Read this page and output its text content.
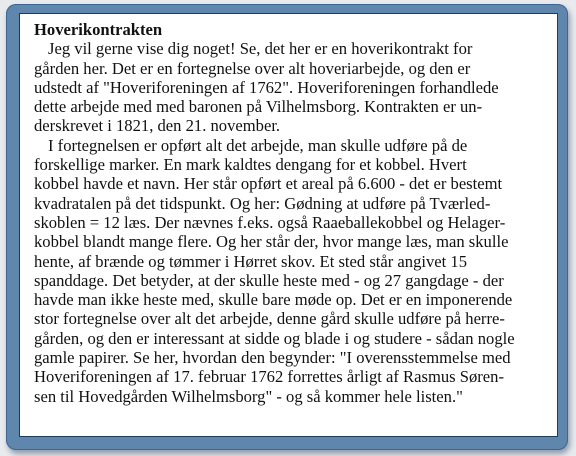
Hoverikontrakten
Jeg vil gerne vise dig noget! Se, det her er en hoverikontrakt for
gården her. Det er en fortegnelse over alt hoveriarbejde, og den er
udstedt af "Hoveriforeningen af 1762". Hoveriforeningen forhandlede
dette arbejde med med baronen på Vilhelmsborg. Kontrakten er un-
derskrevet i 1821, den 21. november.
I fortegnelsen er opført alt det arbejde, man skulle udføre på de
forskellige marker. En mark kaldtes dengang for et kobbel. Hvert
kobbel havde et navn. Her står opført et areal på 6.600 - det er bestemt
kvadratalen på det tidspunkt. Og her: Gødning at udføre på Tværled-
skoblen = 12 læs. Der nævnes f.eks. også Raaeballekobbel og Helager-
kobbel blandt mange flere. Og her står der, hvor mange læs, man skulle
hente, af brænde og tømmer i Hørret skov. Et sted står angivet 15
spanddage. Det betyder, at der skulle heste med - og 27 gangdage - der
havde man ikke heste med, skulle bare møde op. Det er en imponerende
stor fortegnelse over alt det arbejde, denne gård skulle udføre på herre-
gården, og den er interessant at sidde og blade i og studere - sådan nogle
gamle papirer. Se her, hvordan den begynder: "I overensstemmelse med
Hoveriforeningen af 17. februar 1762 forrettes årligt af Rasmus Søren-
sen til Hovedgården Wilhelmsborg" - og så kommer hele listen."
